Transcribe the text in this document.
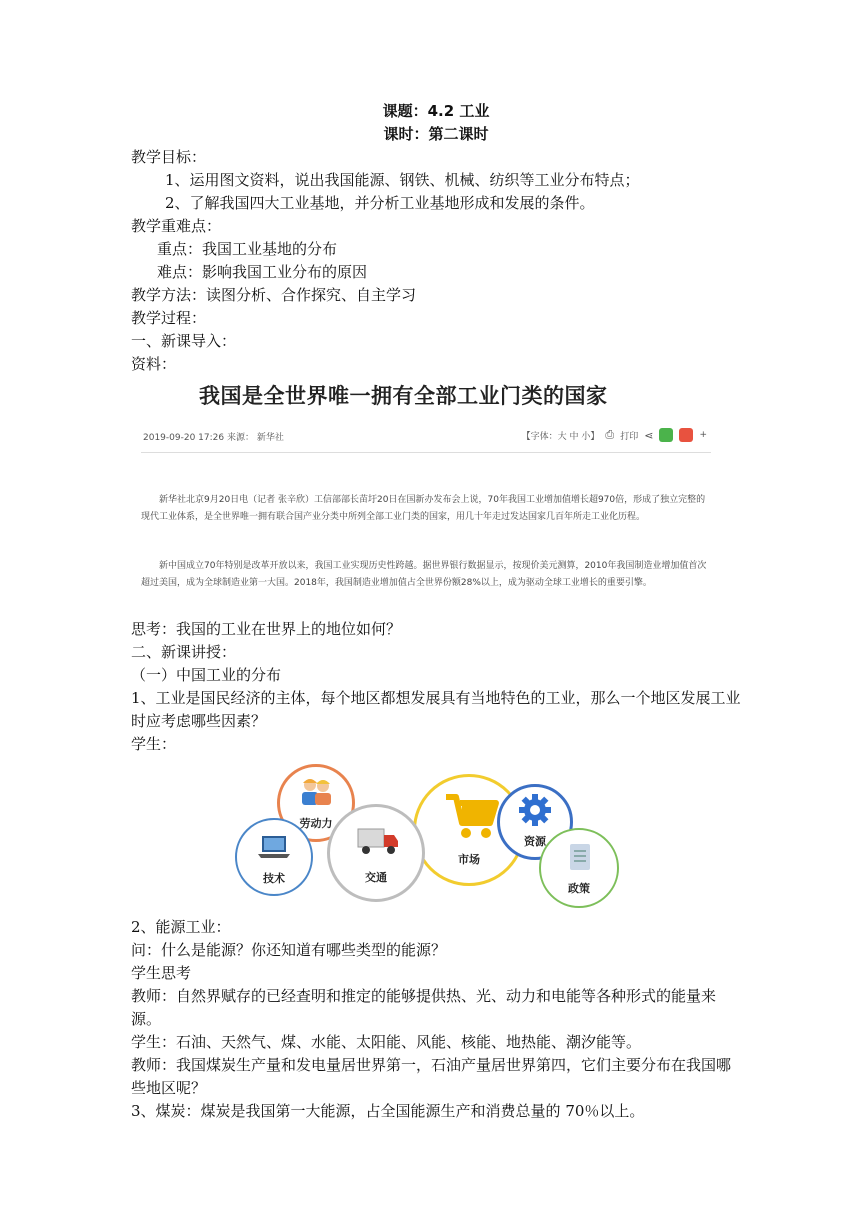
课题：4.2 工业
课时：第二课时
教学目标：
1、运用图文资料，说出我国能源、钢铁、机械、纺织等工业分布特点；
2、了解我国四大工业基地，并分析工业基地形成和发展的条件。
教学重难点：
重点：我国工业基地的分布
难点：影响我国工业分布的原因
教学方法：读图分析、合作探究、自主学习
教学过程：
一、新课导入：
资料：
我国是全世界唯一拥有全部工业门类的国家
2019-09-20 17:26 来源： 新华社	【字体：大 中 小】 ⎙ 打印 ⋖	+
新华社北京9月20日电（记者 张辛欣）工信部部长苗圩20日在国新办发布会上说，70年我国工业增加值增长超970倍，形成了独立完整的现代工业体系，是全世界唯一拥有联合国产业分类中所列全部工业门类的国家，用几十年走过发达国家几百年所走工业化历程。
新中国成立70年特别是改革开放以来，我国工业实现历史性跨越。据世界银行数据显示，按现价美元测算，2010年我国制造业增加值首次超过美国，成为全球制造业第一大国。2018年，我国制造业增加值占全世界份额28%以上，成为驱动全球工业增长的重要引擎。
思考：我国的工业在世界上的地位如何？
二、新课讲授：
（一）中国工业的分布
1、工业是国民经济的主体，每个地区都想发展具有当地特色的工业，那么一个地区发展工业时应考虑哪些因素？
学生：
市场
劳动力
技术	交通
资源
政策
2、能源工业：
问：什么是能源？你还知道有哪些类型的能源？
学生思考
教师：自然界赋存的已经查明和推定的能够提供热、光、动力和电能等各种形式的能量来源。
学生：石油、天然气、煤、水能、太阳能、风能、核能、地热能、潮汐能等。
教师：我国煤炭生产量和发电量居世界第一，石油产量居世界第四，它们主要分布在我国哪些地区呢？
3、煤炭：煤炭是我国第一大能源，占全国能源生产和消费总量的 70％以上。
